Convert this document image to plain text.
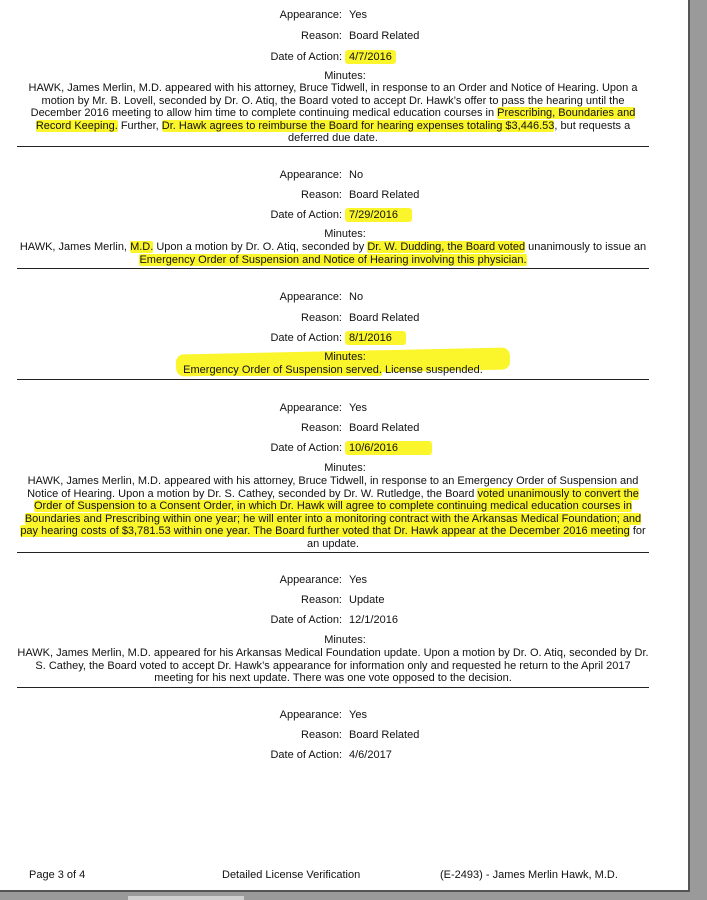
Appearance: Yes
Reason: Board Related
Date of Action: 4/7/2016
Minutes:
HAWK, James Merlin, M.D. appeared with his attorney, Bruce Tidwell, in response to an Order and Notice of Hearing. Upon a motion by Mr. B. Lovell, seconded by Dr. O. Atiq, the Board voted to accept Dr. Hawk’s offer to pass the hearing until the December 2016 meeting to allow him time to complete continuing medical education courses in Prescribing, Boundaries and Record Keeping. Further, Dr. Hawk agrees to reimburse the Board for hearing expenses totaling $3,446.53, but requests a deferred due date.
Appearance: No
Reason: Board Related
Date of Action: 7/29/2016
Minutes:
HAWK, James Merlin, M.D. Upon a motion by Dr. O. Atiq, seconded by Dr. W. Dudding, the Board voted unanimously to issue an Emergency Order of Suspension and Notice of Hearing involving this physician.
Appearance: No
Reason: Board Related
Date of Action: 8/1/2016
Minutes:
Emergency Order of Suspension served. License suspended.
Appearance: Yes
Reason: Board Related
Date of Action: 10/6/2016
Minutes:
HAWK, James Merlin, M.D. appeared with his attorney, Bruce Tidwell, in response to an Emergency Order of Suspension and Notice of Hearing. Upon a motion by Dr. S. Cathey, seconded by Dr. W. Rutledge, the Board voted unanimously to convert the Order of Suspension to a Consent Order, in which Dr. Hawk will agree to complete continuing medical education courses in Boundaries and Prescribing within one year; he will enter into a monitoring contract with the Arkansas Medical Foundation; and pay hearing costs of $3,781.53 within one year. The Board further voted that Dr. Hawk appear at the December 2016 meeting for an update.
Appearance: Yes
Reason: Update
Date of Action: 12/1/2016
Minutes:
HAWK, James Merlin, M.D. appeared for his Arkansas Medical Foundation update. Upon a motion by Dr. O. Atiq, seconded by Dr. S. Cathey, the Board voted to accept Dr. Hawk’s appearance for information only and requested he return to the April 2017 meeting for his next update. There was one vote opposed to the decision.
Appearance: Yes
Reason: Board Related
Date of Action: 4/6/2017
Page 3 of 4	Detailed License Verification	(E-2493) - James Merlin Hawk, M.D.
